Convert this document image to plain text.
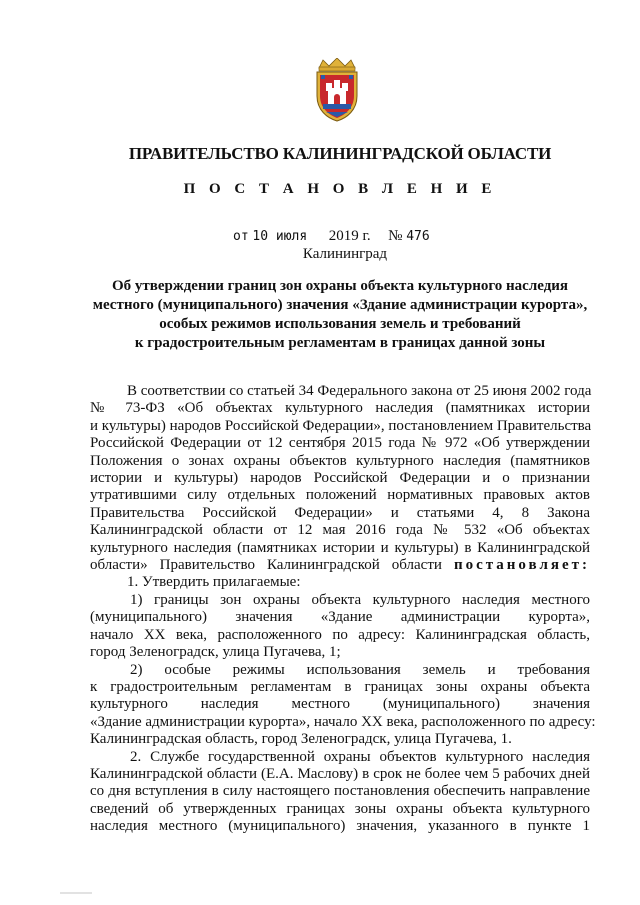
ПРАВИТЕЛЬСТВО КАЛИНИНГРАДСКОЙ ОБЛАСТИ
П О С Т А Н О В Л Е Н И Е
от 10 июля 2019 г. № 476
Калининград
Об утверждении границ зон охраны объекта культурного наследия
местного (муниципального) значения «Здание администрации курорта»,
особых режимов использования земель и требований
к градостроительным регламентам в границах данной зоны
В соответствии со статьей 34 Федерального закона от 25 июня 2002 года
№ 73-ФЗ «Об объектах культурного наследия (памятниках истории
и культуры) народов Российской Федерации», постановлением Правительства
Российской Федерации от 12 сентября 2015 года № 972 «Об утверждении
Положения о зонах охраны объектов культурного наследия (памятников
истории и культуры) народов Российской Федерации и о признании
утратившими силу отдельных положений нормативных правовых актов
Правительства Российской Федерации» и статьями 4, 8 Закона
Калининградской области от 12 мая 2016 года № 532 «Об объектах
культурного наследия (памятниках истории и культуры) в Калининградской
области» Правительство Калининградской области постановляет:
1. Утвердить прилагаемые:
1) границы зон охраны объекта культурного наследия местного
(муниципального) значения «Здание администрации курорта»,
начало XX века, расположенного по адресу: Калининградская область,
город Зеленоградск, улица Пугачева, 1;
2) особые режимы использования земель и требования
к градостроительным регламентам в границах зоны охраны объекта
культурного наследия местного (муниципального) значения
«Здание администрации курорта», начало XX века, расположенного по адресу:
Калининградская область, город Зеленоградск, улица Пугачева, 1.
2. Службе государственной охраны объектов культурного наследия
Калининградской области (Е.А. Маслову) в срок не более чем 5 рабочих дней
со дня вступления в силу настоящего постановления обеспечить направление
сведений об утвержденных границах зоны охраны объекта культурного
наследия местного (муниципального) значения, указанного в пункте 1
